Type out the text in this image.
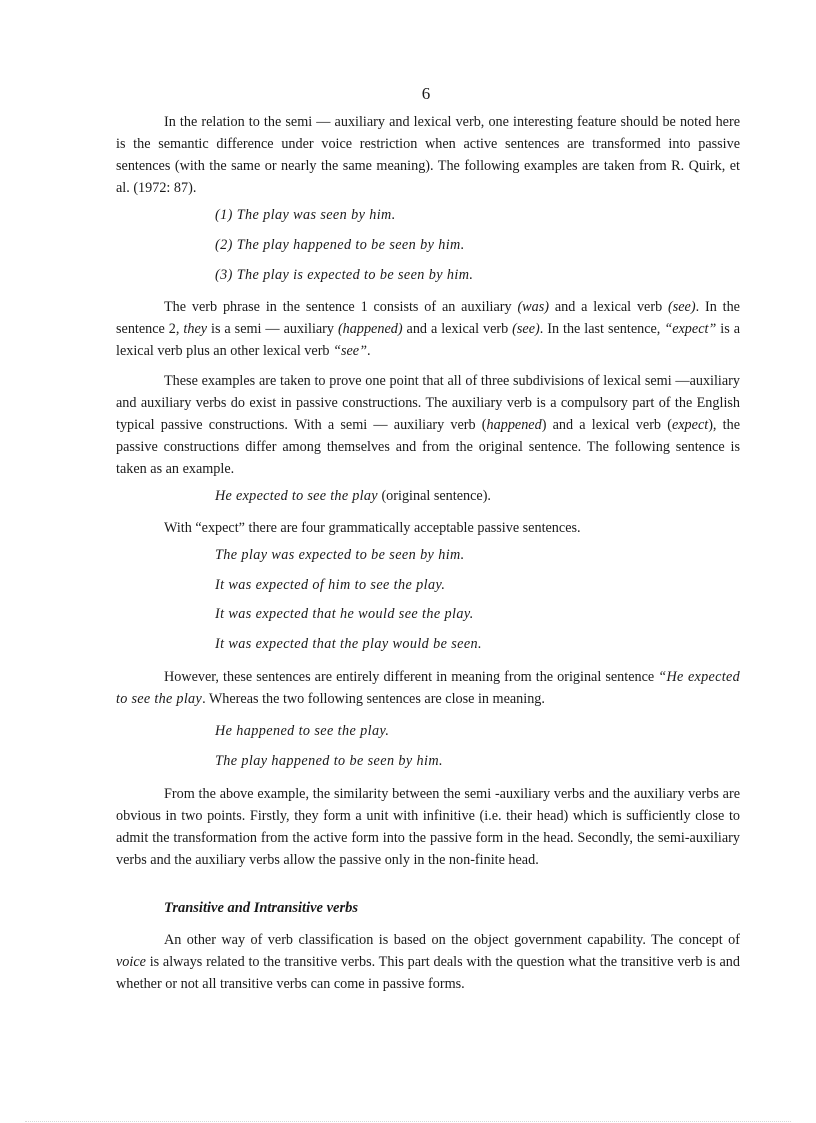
6
In the relation to the semi — auxiliary and lexical verb, one interesting feature should be noted here is the semantic difference under voice restriction when active sentences are transformed into passive sentences (with the same or nearly the same meaning). The following examples are taken from R. Quirk, et al. (1972: 87).
(1) The play was seen by him.
(2) The play happened to be seen by him.
(3) The play is expected to be seen by him.
The verb phrase in the sentence 1 consists of an auxiliary (was) and a lexical verb (see). In the sentence 2, they is a semi — auxiliary (happened) and a lexical verb (see). In the last sentence, “expect” is a lexical verb plus an other lexical verb “see”.
These examples are taken to prove one point that all of three subdivisions of lexical semi —auxiliary and auxiliary verbs do exist in passive constructions. The auxiliary verb is a compulsory part of the English typical passive constructions. With a semi — auxiliary verb (happened) and a lexical verb (expect), the passive constructions differ among themselves and from the original sentence. The following sentence is taken as an example.
He expected to see the play (original sentence).
With “expect” there are four grammatically acceptable passive sentences.
The play was expected to be seen by him.
It was expected of him to see the play.
It was expected that he would see the play.
It was expected that the play would be seen.
However, these sentences are entirely different in meaning from the original sentence “He expected to see the play. Whereas the two following sentences are close in meaning.
He happened to see the play.
The play happened to be seen by him.
From the above example, the similarity between the semi -auxiliary verbs and the auxiliary verbs are obvious in two points. Firstly, they form a unit with infinitive (i.e. their head) which is sufficiently close to admit the transformation from the active form into the passive form in the head. Secondly, the semi-auxiliary verbs and the auxiliary verbs allow the passive only in the non-finite head.
Transitive and Intransitive verbs
An other way of verb classification is based on the object government capability. The concept of voice is always related to the transitive verbs. This part deals with the question what the transitive verb is and whether or not all transitive verbs can come in passive forms.
